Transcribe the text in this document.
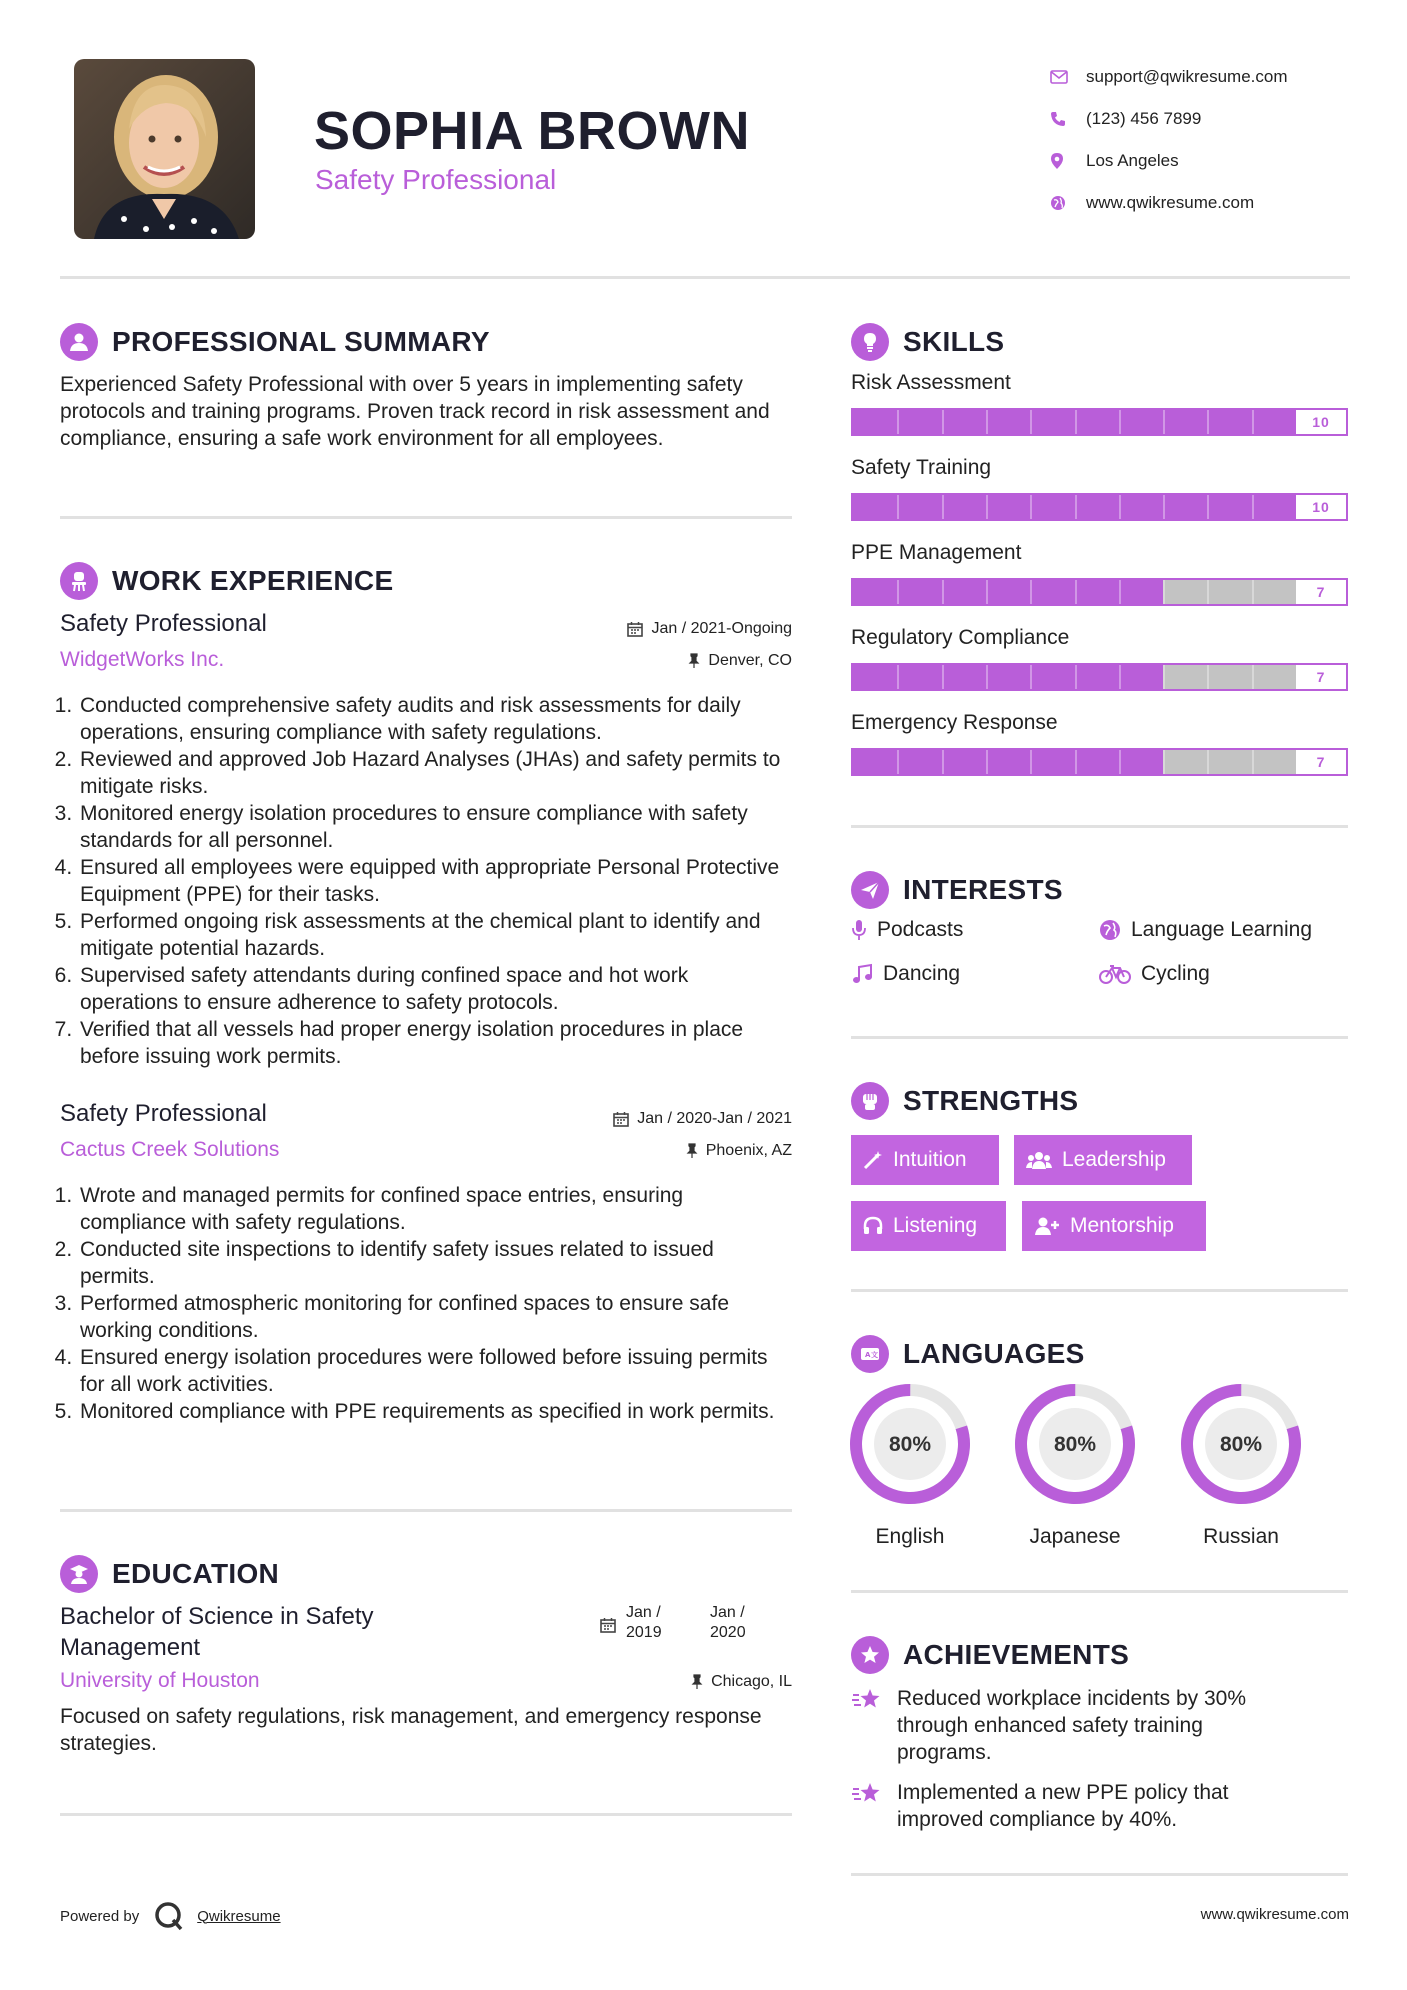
SOPHIA BROWN
Safety Professional
support@qwikresume.com
(123) 456 7899
Los Angeles
www.qwikresume.com
PROFESSIONAL SUMMARY
Experienced Safety Professional with over 5 years in implementing safety protocols and training programs. Proven track record in risk assessment and compliance, ensuring a safe work environment for all employees.
WORK EXPERIENCE
Safety Professional	Jan / 2021-Ongoing
WidgetWorks Inc.	Denver, CO
1. Conducted comprehensive safety audits and risk assessments for daily operations, ensuring compliance with safety regulations.
2. Reviewed and approved Job Hazard Analyses (JHAs) and safety permits to mitigate risks.
3. Monitored energy isolation procedures to ensure compliance with safety standards for all personnel.
4. Ensured all employees were equipped with appropriate Personal Protective Equipment (PPE) for their tasks.
5. Performed ongoing risk assessments at the chemical plant to identify and mitigate potential hazards.
6. Supervised safety attendants during confined space and hot work operations to ensure adherence to safety protocols.
7. Verified that all vessels had proper energy isolation procedures in place before issuing work permits.
Safety Professional	Jan / 2020-Jan / 2021
Cactus Creek Solutions	Phoenix, AZ
1. Wrote and managed permits for confined space entries, ensuring compliance with safety regulations.
2. Conducted site inspections to identify safety issues related to issued permits.
3. Performed atmospheric monitoring for confined spaces to ensure safe working conditions.
4. Ensured energy isolation procedures were followed before issuing permits for all work activities.
5. Monitored compliance with PPE requirements as specified in work permits.
EDUCATION
Bachelor of Science in Safety Management
Jan / 2019
Jan / 2020
University of Houston	Chicago, IL
Focused on safety regulations, risk management, and emergency response strategies.
SKILLS
Risk Assessment
10
Safety Training
10
PPE Management
7
Regulatory Compliance
7
Emergency Response
7
INTERESTS
Podcasts	Language Learning
Dancing	Cycling
STRENGTHS
Intuition	Leadership
Listening	Mentorship
A 文 LANGUAGES
80%
English
80%
Japanese
80%
Russian
ACHIEVEMENTS
Reduced workplace incidents by 30% through enhanced safety training programs.
Implemented a new PPE policy that improved compliance by 40%.
Powered by	Qwikresume	www.qwikresume.com
